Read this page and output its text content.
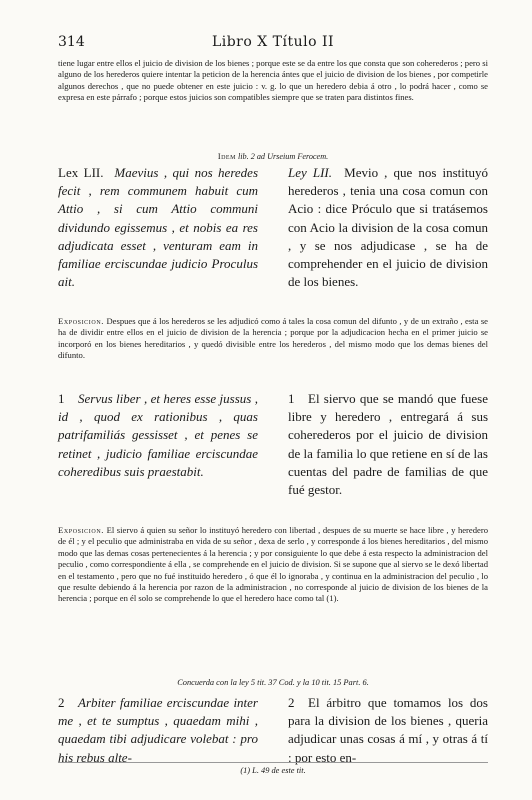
314	Libro X Título II
tiene lugar entre ellos el juicio de division de los bienes ; porque este se da entre los que consta que son coherederos ; pero si alguno de los herederos quiere intentar la peticion de la herencia ántes que el juicio de division de los bienes , por competirle algunos derechos , que no puede obtener en este juicio : v. g. lo que un heredero debia á otro , lo podrá hacer , como se expresa en este párrafo ; porque estos juicios son compatibles siempre que se traten para distintos fines.
Idem lib. 2 ad Urseium Ferocem.

Lex LII. Maevius , qui nos heredes fecit , rem communem habuit cum Attio , si cum Attio communi dividundo egissemus , et nobis ea res adjudicata esset , venturam eam in familiae erciscundae judicio Proculus ait.

Ley LII. Mevio , que nos instituyó herederos , tenia una cosa comun con Acio : dice Próculo que si tratásemos con Acio la division de la cosa comun , y se nos adjudicase , se ha de comprehender en el juicio de division de los bienes.

Exposicion. Despues que á los herederos se les adjudicó como á tales la cosa comun del difunto , y de un extraño , esta se ha de dividir entre ellos en el juicio de division de la herencia ; porque por la adjudicacion hecha en el primer juicio se incorporó en los bienes hereditarios , y quedó divisible entre los herederos , del mismo modo que los demas bienes del difunto.

1 Servus liber , et heres esse jussus , id , quod ex rationibus , quas patrifamiliás gessisset , et penes se retinet , judicio familiae erciscundae coheredibus suis praestabit.

1 El siervo que se mandó que fuese libre y heredero , entregará á sus coherederos por el juicio de division de la familia lo que retiene en sí de las cuentas del padre de familias de que fué gestor.

Exposicion. El siervo á quien su señor lo instituyó heredero con libertad , despues de su muerte se hace libre , y heredero de él ; y el peculio que administraba en vida de su señor , dexa de serlo , y corresponde á los bienes hereditarios , del mismo modo que las demas cosas pertenecientes á la herencia ; y por consiguiente lo que debe á esta respecto la administracion del peculio , como correspondiente á ella , se comprehende en el juicio de division. Si se supone que al siervo se le dexó libertad en el testamento , pero que no fué instituido heredero , ó que él lo ignoraba , y continua en la administracion del peculio , lo que resulte debiendo á la herencia por razon de la administracion , no corresponde al juicio de division de los bienes de la herencia ; porque en él solo se comprehende lo que el heredero hace como tal (1).
Concuerda con la ley 5 tit. 37 Cod. y la 10 tit. 15 Part. 6.

2 Arbiter familiae erciscundae inter me , et te sumptus , quaedam mihi , quaedam tibi adjudicare volebat : pro his rebus alte-

2 El árbitro que tomamos los dos para la division de los bienes , queria adjudicar unas cosas á mí , y otras á tí : por esto en-

(1) L. 49 de este tit.
